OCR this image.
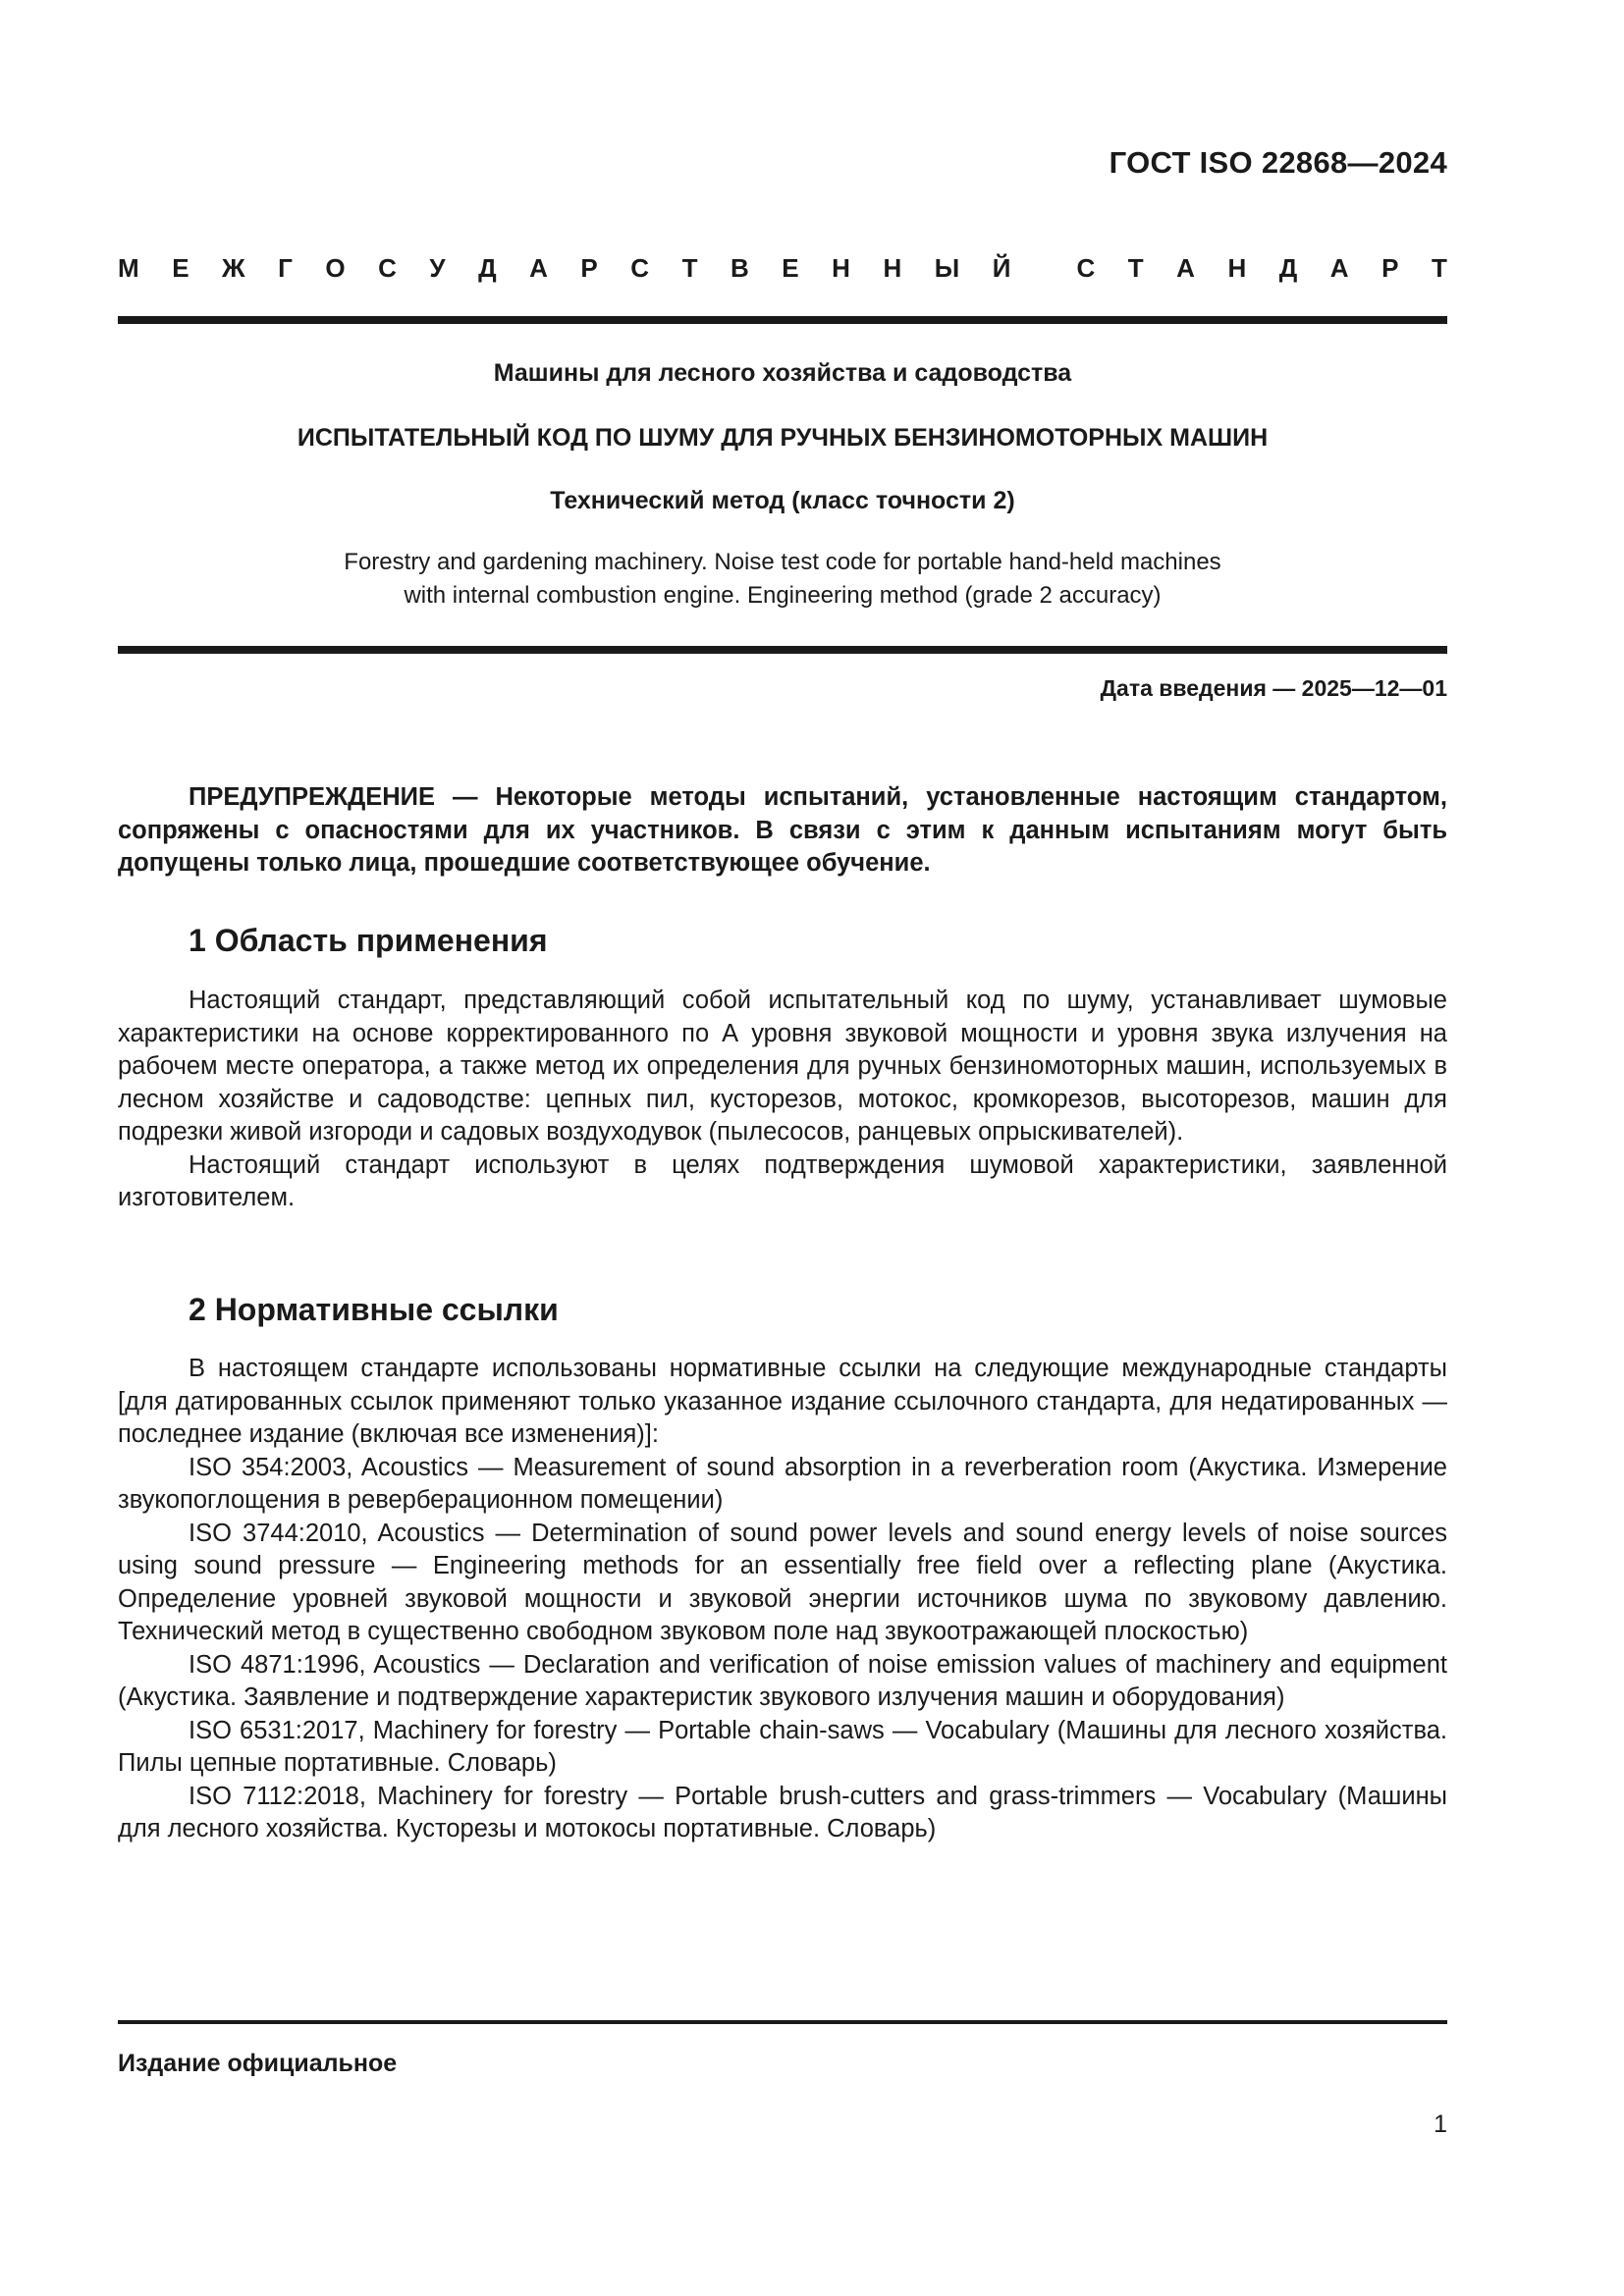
ГОСТ ISO 22868—2024
М Е Ж Г О С У Д А Р С Т В Е Н Н Ы Й	С Т А Н Д А Р Т
Машины для лесного хозяйства и садоводства
ИСПЫТАТЕЛЬНЫЙ КОД ПО ШУМУ ДЛЯ РУЧНЫХ БЕНЗИНОМОТОРНЫХ МАШИН
Технический метод (класс точности 2)
Forestry and gardening machinery. Noise test code for portable hand-held machines
with internal combustion engine. Engineering method (grade 2 accuracy)
Дата введения — 2025—12—01

ПРЕДУПРЕЖДЕНИЕ — Некоторые методы испытаний, установленные настоящим стандартом, сопряжены с опасностями для их участников. В связи с этим к данным испытаниям могут быть допущены только лица, прошедшие соответствующее обучение.

1 Область применения

Настоящий стандарт, представляющий собой испытательный код по шуму, устанавливает шумовые характеристики на основе корректированного по А уровня звуковой мощности и уровня звука излучения на рабочем месте оператора, а также метод их определения для ручных бензиномоторных машин, используемых в лесном хозяйстве и садоводстве: цепных пил, кусторезов, мотокос, кромкорезов, высоторезов, машин для подрезки живой изгороди и садовых воздуходувок (пылесосов, ранцевых опрыскивателей).

Настоящий стандарт используют в целях подтверждения шумовой характеристики, заявленной изготовителем.

2 Нормативные ссылки

В настоящем стандарте использованы нормативные ссылки на следующие международные стандарты [для датированных ссылок применяют только указанное издание ссылочного стандарта, для недатированных — последнее издание (включая все изменения)]:

ISO 354:2003, Acoustics — Measurement of sound absorption in a reverberation room (Акустика. Измерение звукопоглощения в реверберационном помещении)

ISO 3744:2010, Acoustics — Determination of sound power levels and sound energy levels of noise sources using sound pressure — Engineering methods for an essentially free field over a reflecting plane (Акустика. Определение уровней звуковой мощности и звуковой энергии источников шума по звуковому давлению. Технический метод в существенно свободном звуковом поле над звукоотражающей плоскостью)

ISO 4871:1996, Acoustics — Declaration and verification of noise emission values of machinery and equipment (Акустика. Заявление и подтверждение характеристик звукового излучения машин и оборудования)

ISO 6531:2017, Machinery for forestry — Portable chain-saws — Vocabulary (Машины для лесного хозяйства. Пилы цепные портативные. Словарь)

ISO 7112:2018, Machinery for forestry — Portable brush-cutters and grass-trimmers — Vocabulary (Машины для лесного хозяйства. Кусторезы и мотокосы портативные. Словарь)

Издание официальное
1
